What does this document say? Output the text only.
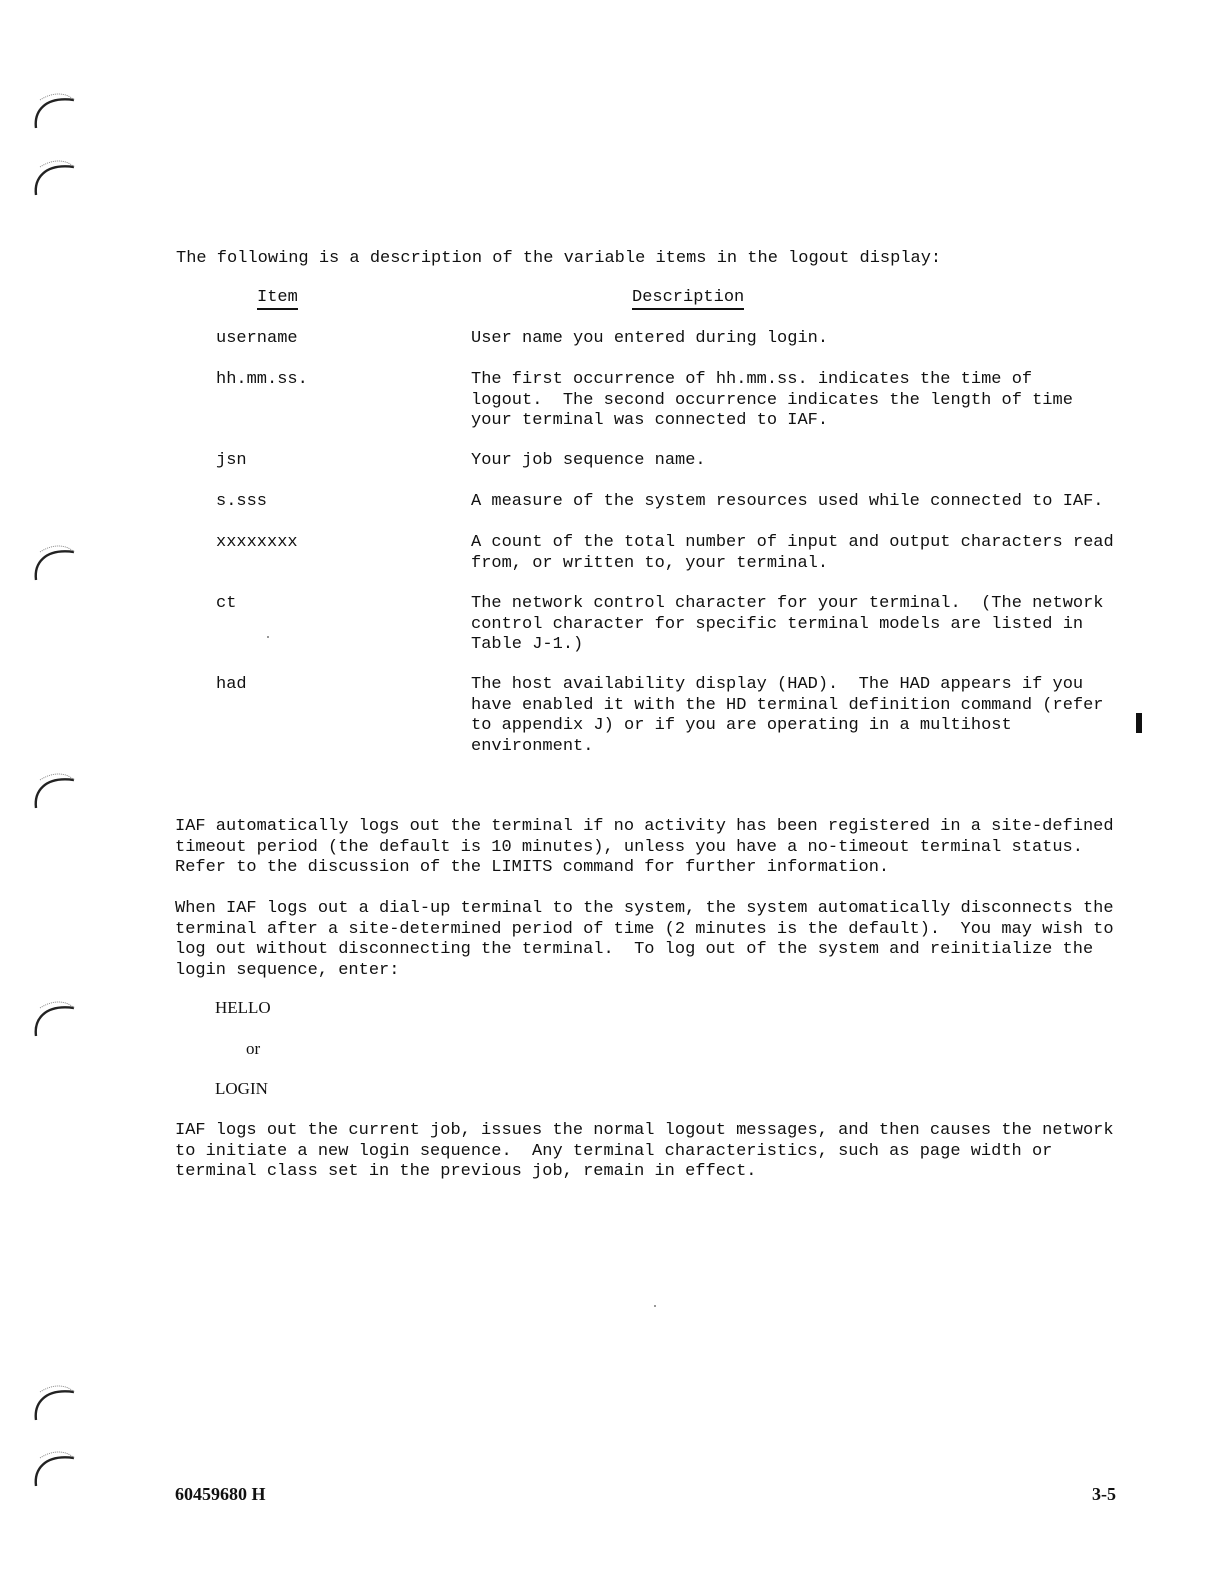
The following is a description of the variable items in the logout display:
Item	Description
username	User name you entered during login.
hh.mm.ss.	The first occurrence of hh.mm.ss. indicates the time of
logout.  The second occurrence indicates the length of time
your terminal was connected to IAF.
jsn	Your job sequence name.
s.sss	A measure of the system resources used while connected to IAF.
xxxxxxxx	A count of the total number of input and output characters read
from, or written to, your terminal.
ct	The network control character for your terminal.  (The network
control character for specific terminal models are listed in
Table J-1.)
had	The host availability display (HAD).  The HAD appears if you
have enabled it with the HD terminal definition command (refer
to appendix J) or if you are operating in a multihost
environment.
IAF automatically logs out the terminal if no activity has been registered in a site-defined
timeout period (the default is 10 minutes), unless you have a no-timeout terminal status.
Refer to the discussion of the LIMITS command for further information.
When IAF logs out a dial-up terminal to the system, the system automatically disconnects the
terminal after a site-determined period of time (2 minutes is the default).  You may wish to
log out without disconnecting the terminal.  To log out of the system and reinitialize the
login sequence, enter:
HELLO
or
LOGIN
IAF logs out the current job, issues the normal logout messages, and then causes the network
to initiate a new login sequence.  Any terminal characteristics, such as page width or
terminal class set in the previous job, remain in effect.
60459680 H	3-5
